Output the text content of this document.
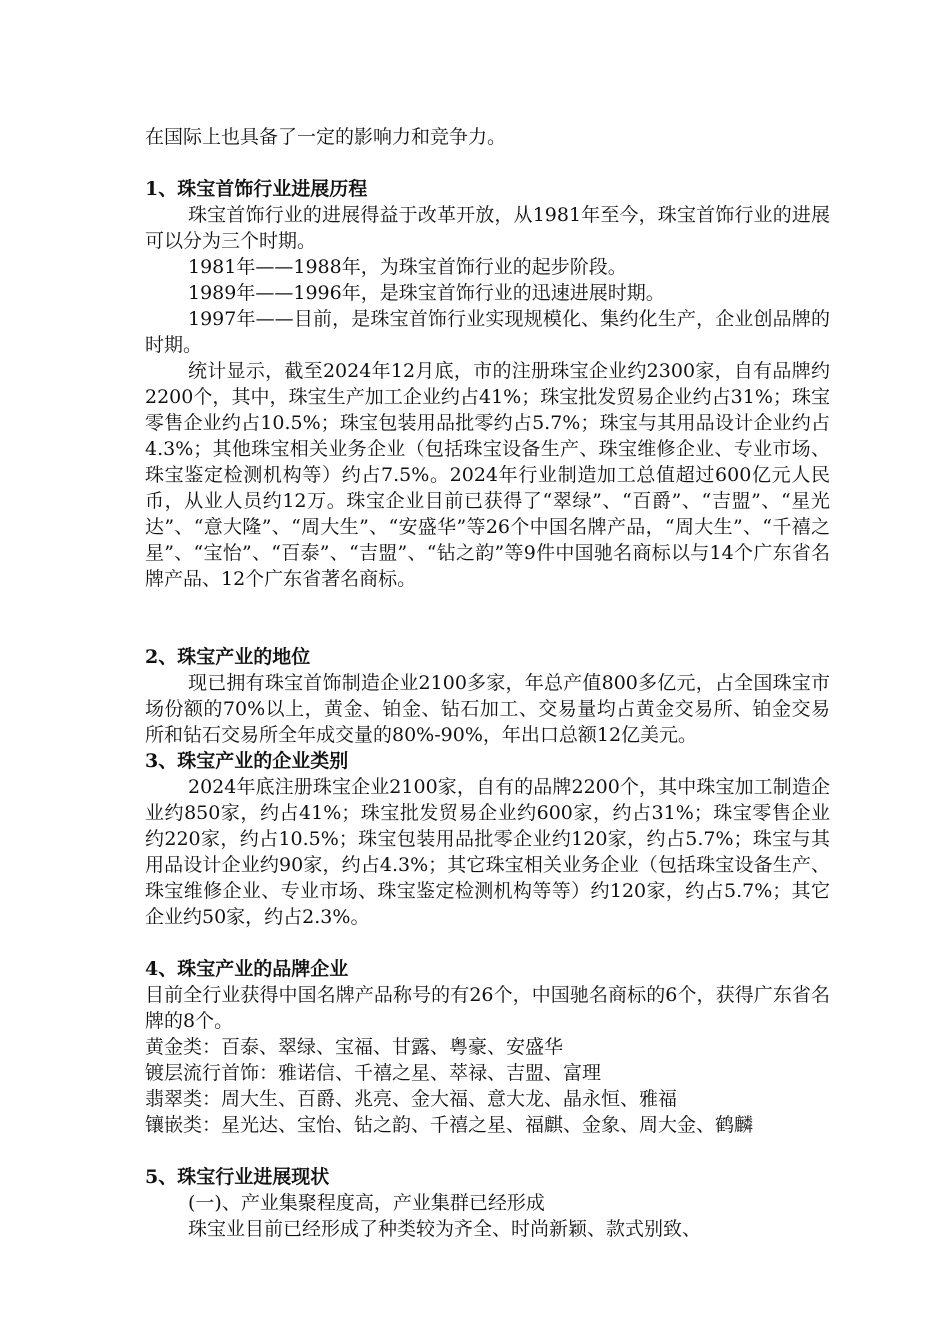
在国际上也具备了一定的影响力和竞争力。

1、珠宝首饰行业进展历程

珠宝首饰行业的进展得益于改革开放，从1981年至今，珠宝首饰行业的进展可以分为三个时期。

1981年——1988年，为珠宝首饰行业的起步阶段。

1989年——1996年，是珠宝首饰行业的迅速进展时期。

1997年——目前，是珠宝首饰行业实现规模化、集约化生产，企业创品牌的时期。

统计显示，截至2024年12月底，市的注册珠宝企业约2300家，自有品牌约2200个，其中，珠宝生产加工企业约占41%；珠宝批发贸易企业约占31%；珠宝零售企业约占10.5%；珠宝包装用品批零约占5.7%；珠宝与其用品设计企业约占4.3%；其他珠宝相关业务企业（包括珠宝设备生产、珠宝维修企业、专业市场、珠宝鉴定检测机构等）约占7.5%。2024年行业制造加工总值超过600亿元人民币，从业人员约12万。珠宝企业目前已获得了“翠绿”、“百爵”、“吉盟”、“星光达”、“意大隆”、“周大生”、“安盛华”等26个中国名牌产品，“周大生”、“千禧之星”、“宝怡”、“百泰”、“吉盟”、“钻之韵”等9件中国驰名商标以与14个广东省名牌产品、12个广东省著名商标。

2、珠宝产业的地位

现已拥有珠宝首饰制造企业2100多家，年总产值800多亿元，占全国珠宝市场份额的70%以上，黄金、铂金、钻石加工、交易量均占黄金交易所、铂金交易所和钻石交易所全年成交量的80%-90%，年出口总额12亿美元。

3、珠宝产业的企业类别

2024年底注册珠宝企业2100家，自有的品牌2200个，其中珠宝加工制造企业约850家，约占41%；珠宝批发贸易企业约600家，约占31%；珠宝零售企业约220家，约占10.5%；珠宝包装用品批零企业约120家，约占5.7%；珠宝与其用品设计企业约90家，约占4.3%；其它珠宝相关业务企业（包括珠宝设备生产、珠宝维修企业、专业市场、珠宝鉴定检测机构等等）约120家，约占5.7%；其它企业约50家，约占2.3%。

4、珠宝产业的品牌企业

目前全行业获得中国名牌产品称号的有26个，中国驰名商标的6个，获得广东省名牌的8个。

黄金类：百泰、翠绿、宝福、甘露、粤豪、安盛华

镀层流行首饰：雅诺信、千禧之星、萃禄、吉盟、富理

翡翠类：周大生、百爵、兆亮、金大福、意大龙、晶永恒、雅福

镶嵌类：星光达、宝怡、钻之韵、千禧之星、福麒、金象、周大金、鹤麟

5、珠宝行业进展现状

(一)、产业集聚程度高，产业集群已经形成

珠宝业目前已经形成了种类较为齐全、时尚新颖、款式别致、
